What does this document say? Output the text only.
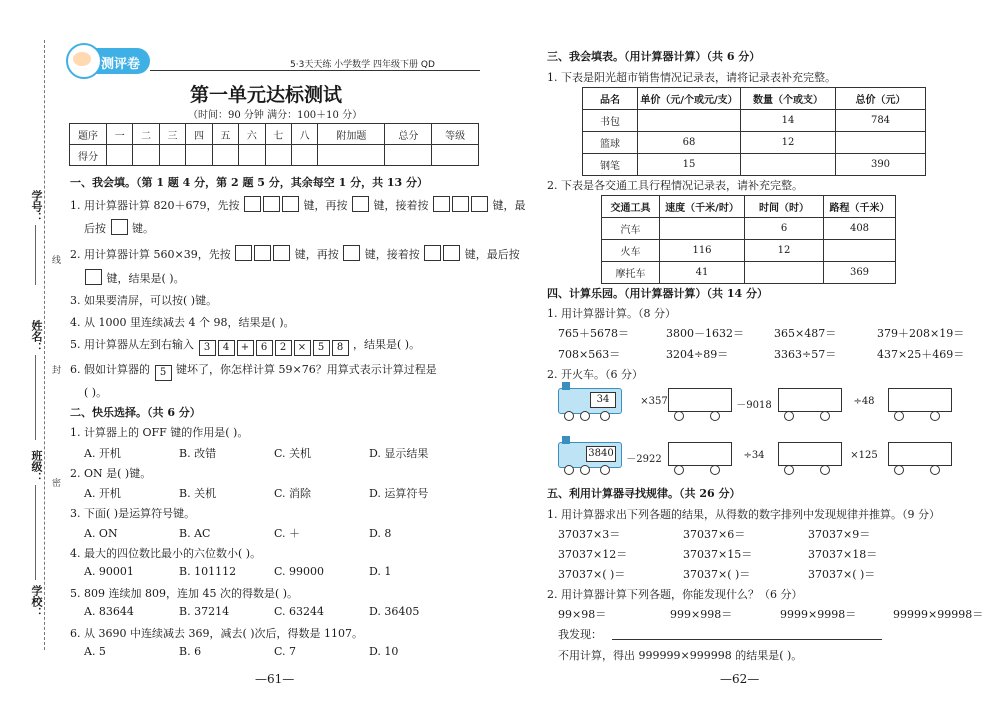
学号：
姓名：
班级：
学校：
线
封
密
测评卷	5·3天天练 小学数学 四年级下册 QD
第一单元达标测试
（时间：90 分钟 满分：100＋10 分）
题序	一	二	三	四	五	六	七	八	附加题	总分	等级
得分											
一、我会填。（第 1 题 4 分，第 2 题 5 分，其余每空 1 分，共 13 分）
1. 用计算器计算 820＋679，先按	键，再按 键，接着按	键，最
后按 键。
2. 用计算器计算 560×39，先按	键，再按 键，接着按	键，最后按
键，结果是( )。
3. 如果要清屏，可以按( )键。
4. 从 1000 里连续减去 4 个 98，结果是( )。
5. 用计算器从左到右输入 3 4 + 6 2 × 5 8 ，结果是( )。
6. 假如计算器的 5 键坏了，你怎样计算 59×76？用算式表示计算过程是
( )。
二、快乐选择。（共 6 分）
1. 计算器上的 OFF 键的作用是( )。
A. 开机	B. 改错	C. 关机	D. 显示结果
2. ON 是( )键。
A. 开机	B. 关机	C. 消除	D. 运算符号
3. 下面( )是运算符号键。
A. ON	B. AC	C. ＋	D. 8
4. 最大的四位数比最小的六位数小( )。
A. 90001	B. 101112	C. 99000	D. 1
5. 809 连续加 809，连加 45 次的得数是( )。
A. 83644	B. 37214	C. 63244	D. 36405
6. 从 3690 中连续减去 369，减去( )次后，得数是 1107。
A. 5	B. 6	C. 7	D. 10
—61—
三、我会填表。（用计算器计算）（共 6 分）
1. 下表是阳光超市销售情况记录表，请将记录表补充完整。
品名	单价（元/个或元/支）	数量（个或支）	总价（元）
书包		14	784
篮球	68	12	
钢笔	15		390
2. 下表是各交通工具行程情况记录表，请补充完整。
交通工具	速度（千米/时）	时间（时）	路程（千米）
汽车		6	408
火车	116	12	
摩托车	41		369
四、计算乐园。（用计算器计算）（共 14 分）
1. 用计算器计算。（8 分）
765＋5678＝	3800－1632＝	365×487＝	379＋208×19＝
708×563＝	3204÷89＝	3363÷57＝	437×25＋469＝
2. 开火车。（6 分）
34	×357	－9018	÷48
3840
－2922	÷34	×125
五、利用计算器寻找规律。（共 26 分）
1. 用计算器求出下列各题的结果，从得数的数字排列中发现规律并推算。（9 分）
37037×3＝	37037×6＝	37037×9＝
37037×12＝	37037×15＝	37037×18＝
37037×( )＝	37037×( )＝	37037×( )＝
2. 用计算器计算下列各题，你能发现什么？（6 分）
99×98＝	999×998＝	9999×9998＝	99999×99998＝
我发现：
不用计算，得出 999999×999998 的结果是( )。
—62—
